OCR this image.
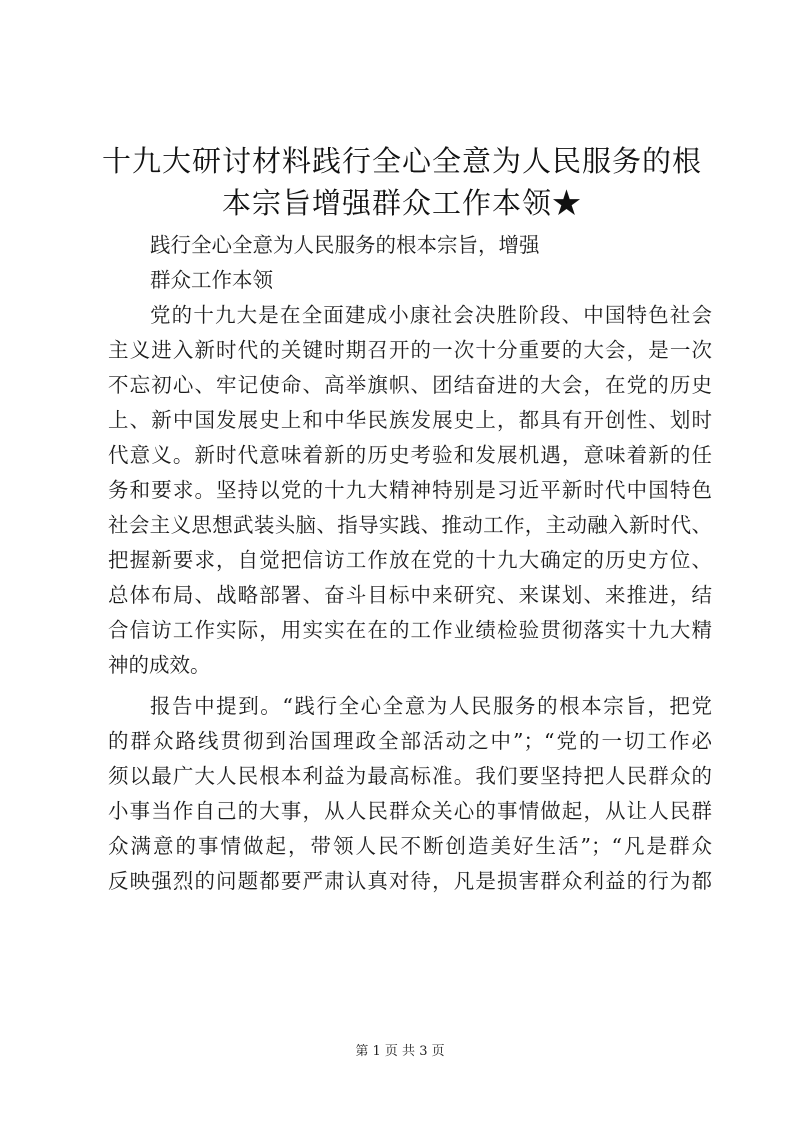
十九大研讨材料践行全心全意为人民服务的根
本宗旨增强群众工作本领★
践行全心全意为人民服务的根本宗旨，增强
群众工作本领
党的十九大是在全面建成小康社会决胜阶段、中国特色社会
主义进入新时代的关键时期召开的一次十分重要的大会，是一次
不忘初心、牢记使命、高举旗帜、团结奋进的大会，在党的历史
上、新中国发展史上和中华民族发展史上，都具有开创性、划时
代意义。新时代意味着新的历史考验和发展机遇，意味着新的任
务和要求。坚持以党的十九大精神特别是习近平新时代中国特色
社会主义思想武装头脑、指导实践、推动工作，主动融入新时代、
把握新要求，自觉把信访工作放在党的十九大确定的历史方位、
总体布局、战略部署、奋斗目标中来研究、来谋划、来推进，结
合信访工作实际，用实实在在的工作业绩检验贯彻落实十九大精
神的成效。
报告中提到。“践行全心全意为人民服务的根本宗旨，把党
的群众路线贯彻到治国理政全部活动之中”；“党的一切工作必
须以最广大人民根本利益为最高标准。我们要坚持把人民群众的
小事当作自己的大事，从人民群众关心的事情做起，从让人民群
众满意的事情做起，带领人民不断创造美好生活”；“凡是群众
反映强烈的问题都要严肃认真对待，凡是损害群众利益的行为都
第 1 页 共 3 页
